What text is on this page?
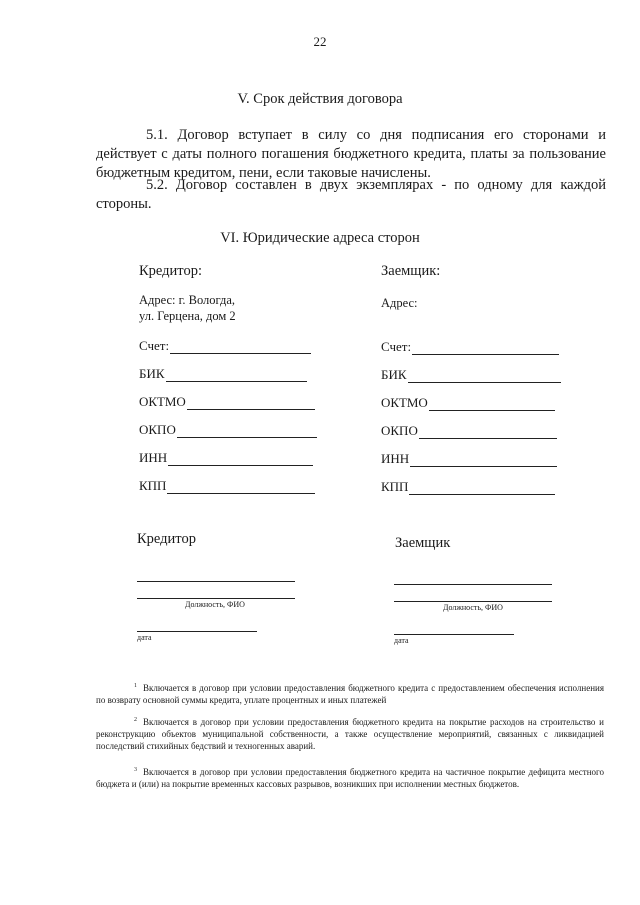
22
V. Срок действия договора
5.1. Договор вступает в силу со дня подписания его сторонами и действует с даты полного погашения бюджетного кредита, платы за пользование бюджетным кредитом, пени, если таковые начислены.
5.2. Договор составлен в двух экземплярах - по одному для каждой стороны.
VI. Юридические адреса сторон
Кредитор:
Адрес: г. Вологда,
ул. Герцена, дом 2
Счет:
БИК
ОКТМО
ОКПО
ИНН
КПП
Заемщик:
Адрес:
Счет:
БИК
ОКТМО
ОКПО
ИНН
КПП
Кредитор
Должность, ФИО
дата
Заемщик
Должность, ФИО
дата
$^1$ Включается в договор при условии предоставления бюджетного кредита с предоставлением обеспечения исполнения по возврату основной суммы кредита, уплате процентных и иных платежей
$^2$ Включается в договор при условии предоставления бюджетного кредита на покрытие расходов на строительство и реконструкцию объектов муниципальной собственности, а также осуществление мероприятий, связанных с ликвидацией последствий стихийных бедствий и техногенных аварий.
$^3$ Включается в договор при условии предоставления бюджетного кредита на частичное покрытие дефицита местного бюджета и (или) на покрытие временных кассовых разрывов, возникших при исполнении местных бюджетов.
